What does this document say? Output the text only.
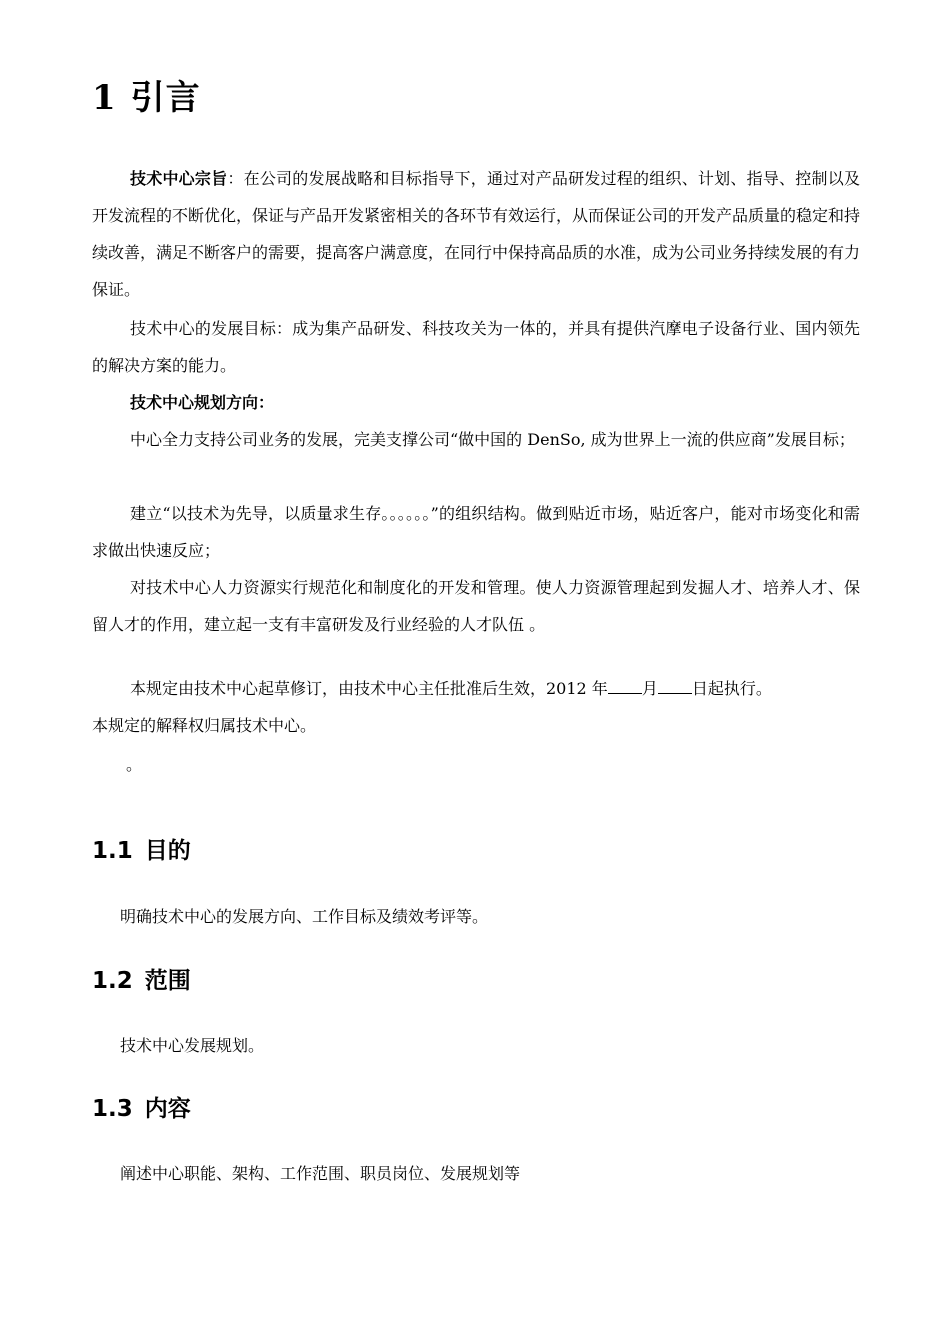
1 引言
技术中心宗旨：在公司的发展战略和目标指导下，通过对产品研发过程的组织、计划、指导、控制以及开发流程的不断优化，保证与产品开发紧密相关的各环节有效运行，从而保证公司的开发产品质量的稳定和持续改善，满足不断客户的需要，提高客户满意度，在同行中保持高品质的水准，成为公司业务持续发展的有力保证。
技术中心的发展目标：成为集产品研发、科技攻关为一体的，并具有提供汽摩电子设备行业、国内领先的解决方案的能力。
技术中心规划方向：
中心全力支持公司业务的发展，完美支撑公司“做中国的 DenSo, 成为世界上一流的供应商”发展目标；
建立“以技术为先导，以质量求生存。。。。。。”的组织结构。做到贴近市场，贴近客户，能对市场变化和需求做出快速反应；
对技术中心人力资源实行规范化和制度化的开发和管理。使人力资源管理起到发掘人才、培养人才、保留人才的作用，建立起一支有丰富研发及行业经验的人才队伍 。
本规定由技术中心起草修订，由技术中心主任批准后生效，2012 年 月 日起执行。
本规定的解释权归属技术中心。
。
1.1 目的
明确技术中心的发展方向、工作目标及绩效考评等。
1.2 范围
技术中心发展规划。
1.3 内容
阐述中心职能、架构、工作范围、职员岗位、发展规划等
